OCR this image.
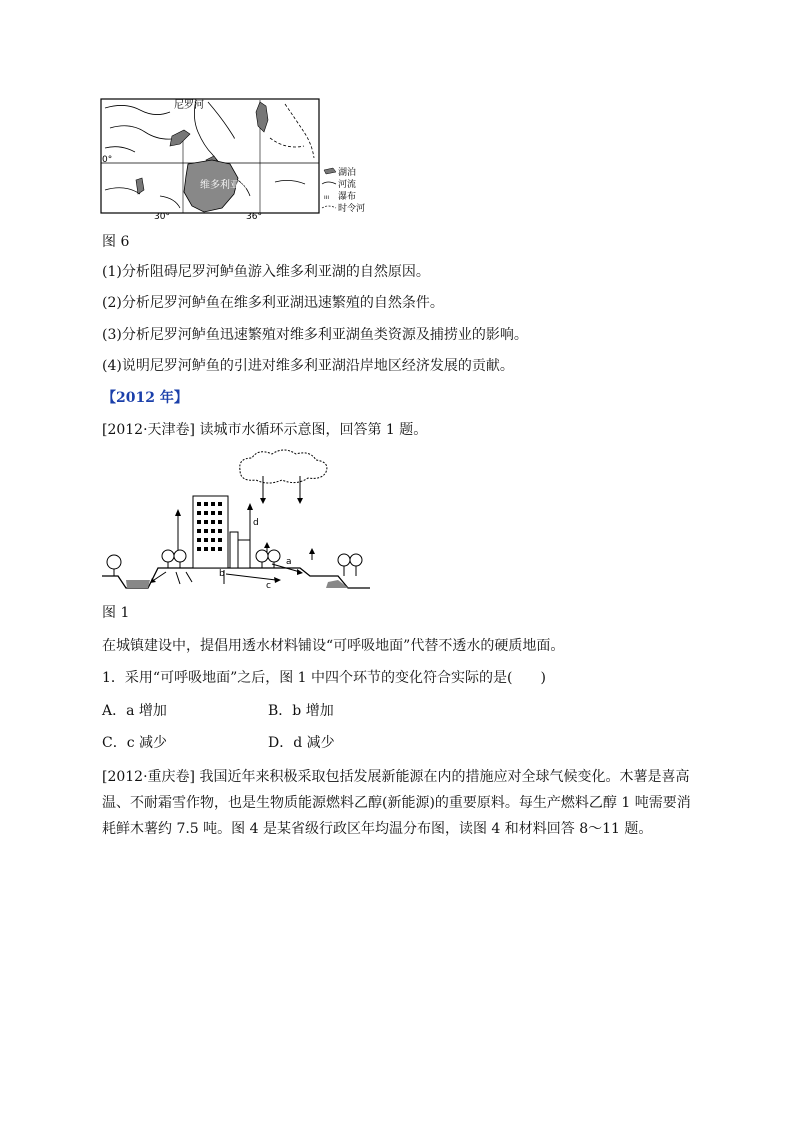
ııı
尼罗河
维多利亚湖
0°
30°	36°
湖泊
河流
瀑布
时令河
图 6
(1)分析阻碍尼罗河鲈鱼游入维多利亚湖的自然原因。
(2)分析尼罗河鲈鱼在维多利亚湖迅速繁殖的自然条件。
(3)分析尼罗河鲈鱼迅速繁殖对维多利亚湖鱼类资源及捕捞业的影响。
(4)说明尼罗河鲈鱼的引进对维多利亚湖沿岸地区经济发展的贡献。
【2012 年】
[2012·天津卷] 读城市水循环示意图，回答第 1 题。
a
b
c
d
图 1
在城镇建设中，提倡用透水材料铺设“可呼吸地面”代替不透水的硬质地面。
1．采用“可呼吸地面”之后，图 1 中四个环节的变化符合实际的是(　　)
A．a 增加	B．b 增加
C．c 减少	D．d 减少
[2012·重庆卷] 我国近年来积极采取包括发展新能源在内的措施应对全球气候变化。木薯是喜高温、不耐霜雪作物，也是生物质能源燃料乙醇(新能源)的重要原料。每生产燃料乙醇 1 吨需要消耗鲜木薯约 7.5 吨。图 4 是某省级行政区年均温分布图，读图 4 和材料回答 8～11 题。
